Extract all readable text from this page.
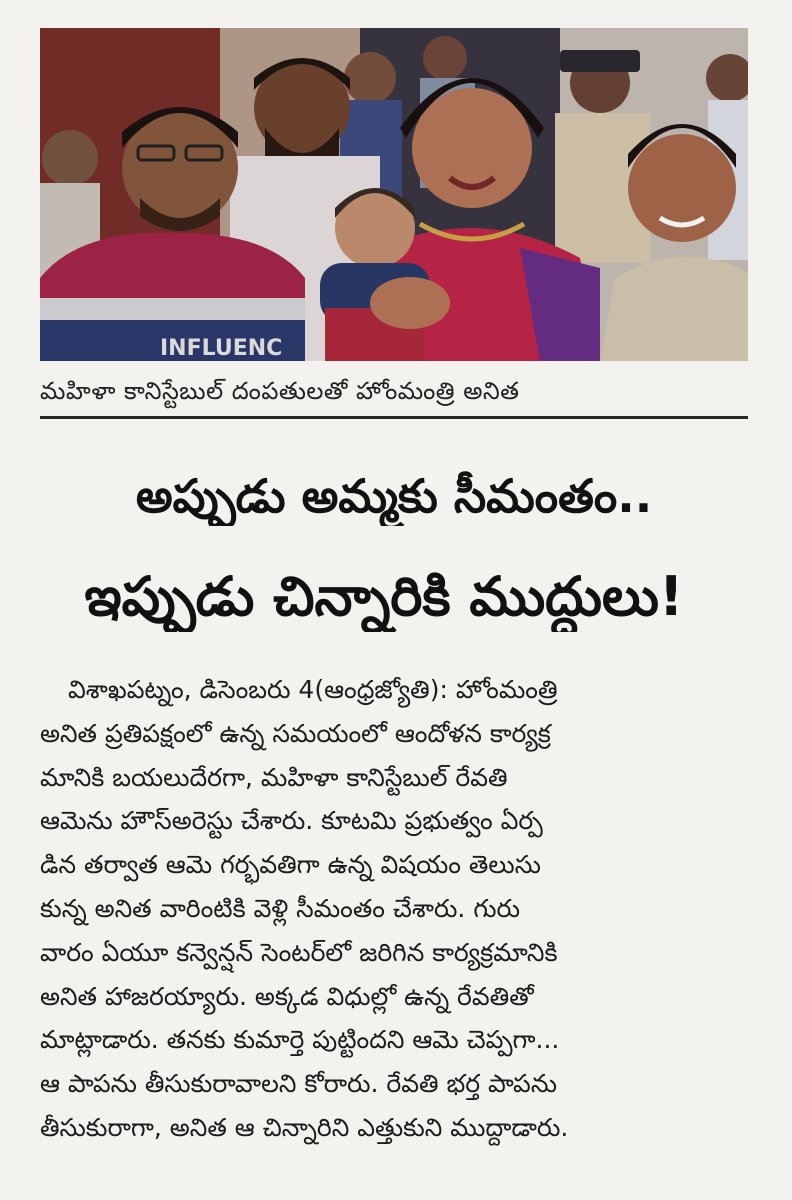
INFLUENC
మహిళా కానిస్టేబుల్ దంపతులతో హోంమంత్రి అనిత
అప్పుడు అమ్మకు సీమంతం..
ఇప్పుడు చిన్నారికి ముద్దులు!
విశాఖపట్నం, డిసెంబరు 4(ఆంధ్రజ్యోతి): హోంమంత్రి
అనిత ప్రతిపక్షంలో ఉన్న సమయంలో ఆందోళన కార్యక్ర
మానికి బయలుదేరగా, మహిళా కానిస్టేబుల్ రేవతి
ఆమెను హౌస్‌అరెస్టు చేశారు. కూటమి ప్రభుత్వం ఏర్ప
డిన తర్వాత ఆమె గర్భవతిగా ఉన్న విషయం తెలుసు
కున్న అనిత వారింటికి వెళ్లి సీమంతం చేశారు. గురు
వారం ఏయూ కన్వెన్షన్ సెంటర్‌లో జరిగిన కార్యక్రమానికి
అనిత హాజరయ్యారు. అక్కడ విధుల్లో ఉన్న రేవతితో
మాట్లాడారు. తనకు కుమార్తె పుట్టిందని ఆమె చెప్పగా...
ఆ పాపను తీసుకురావాలని కోరారు. రేవతి భర్త పాపను
తీసుకురాగా, అనిత ఆ చిన్నారిని ఎత్తుకుని ముద్దాడారు.
